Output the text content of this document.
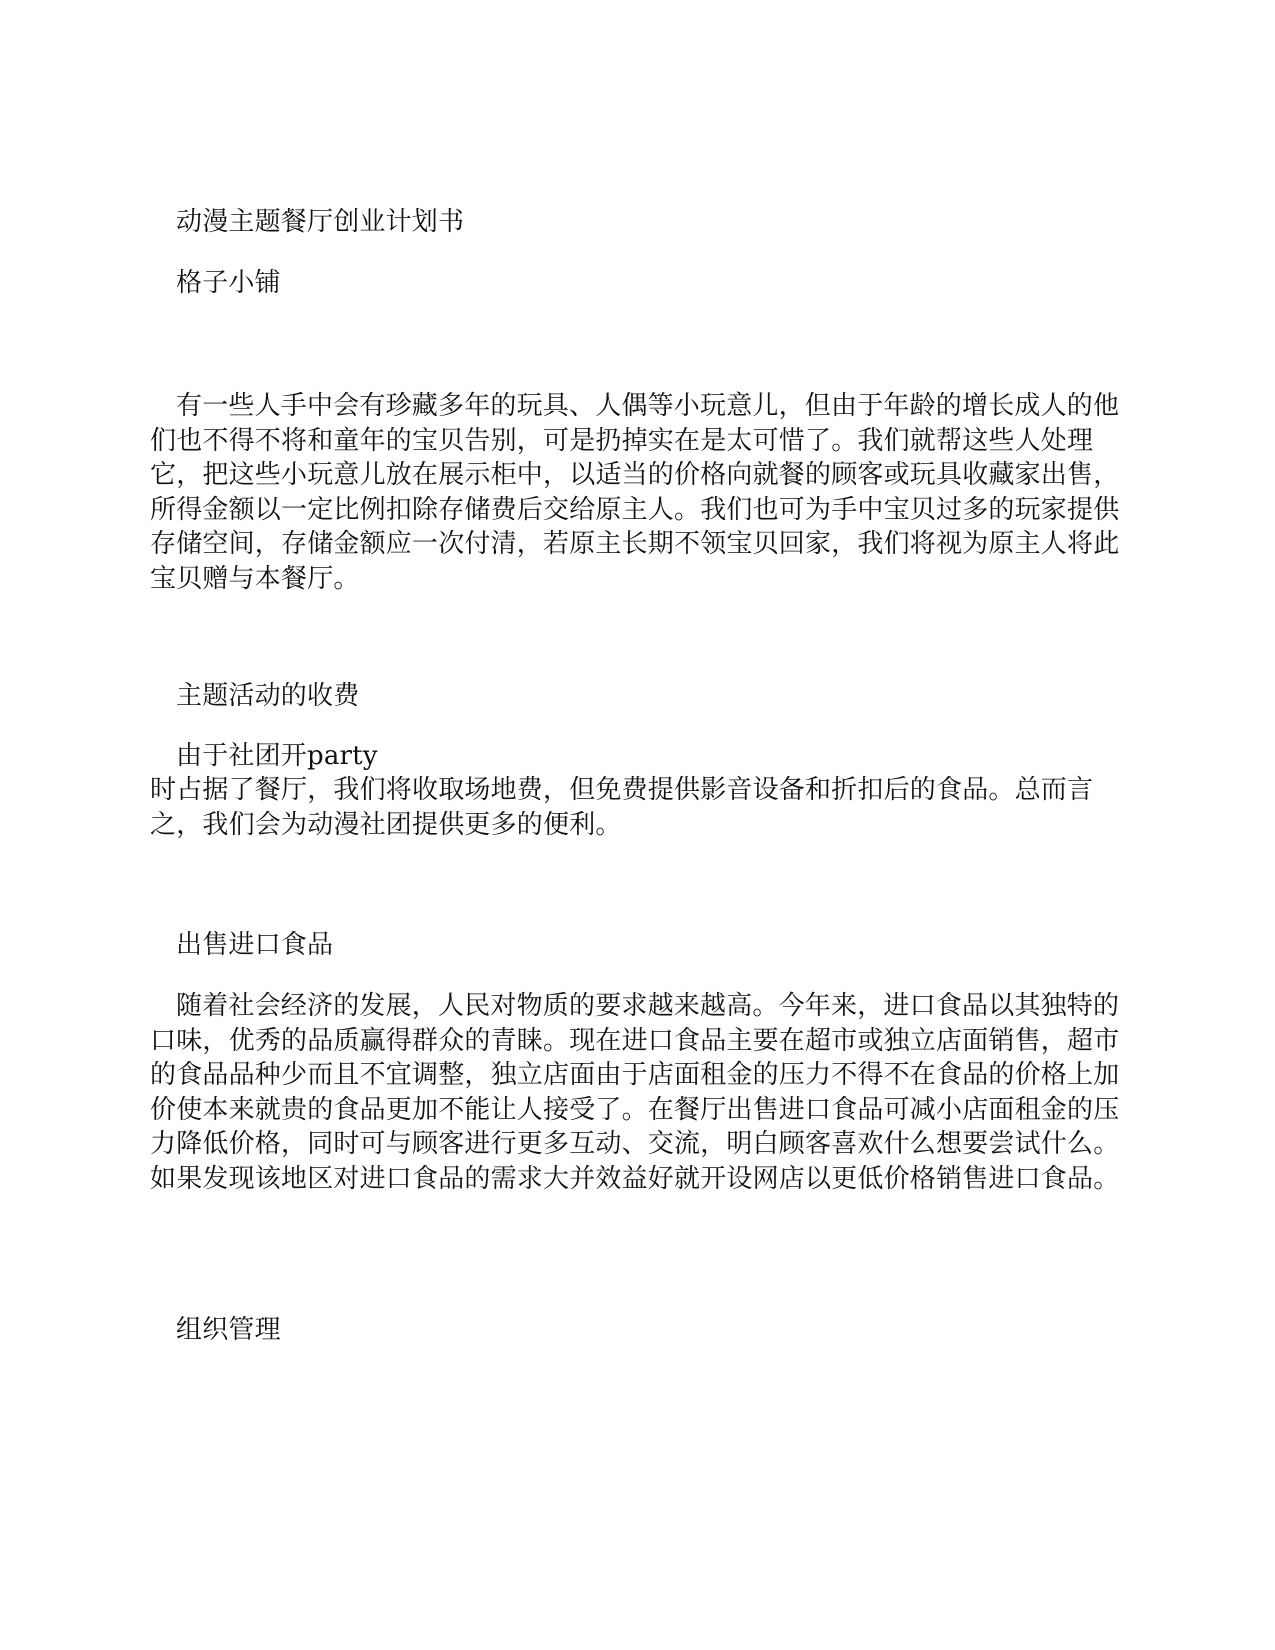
动漫主题餐厅创业计划书

格子小铺

有一些人手中会有珍藏多年的玩具、人偶等小玩意儿，但由于年龄的增长成人的他们也不得不将和童年的宝贝告别，可是扔掉实在是太可惜了。我们就帮这些人处理它，把这些小玩意儿放在展示柜中，以适当的价格向就餐的顾客或玩具收藏家出售，所得金额以一定比例扣除存储费后交给原主人。我们也可为手中宝贝过多的玩家提供存储空间，存储金额应一次付清，若原主长期不领宝贝回家，我们将视为原主人将此宝贝赠与本餐厅。

主题活动的收费

由于社团开party

时占据了餐厅，我们将收取场地费，但免费提供影音设备和折扣后的食品。总而言之，我们会为动漫社团提供更多的便利。

出售进口食品

随着社会经济的发展，人民对物质的要求越来越高。今年来，进口食品以其独特的口味，优秀的品质赢得群众的青睐。现在进口食品主要在超市或独立店面销售，超市的食品品种少而且不宜调整，独立店面由于店面租金的压力不得不在食品的价格上加价使本来就贵的食品更加不能让人接受了。在餐厅出售进口食品可减小店面租金的压力降低价格，同时可与顾客进行更多互动、交流，明白顾客喜欢什么想要尝试什么。如果发现该地区对进口食品的需求大并效益好就开设网店以更低价格销售进口食品。

组织管理
